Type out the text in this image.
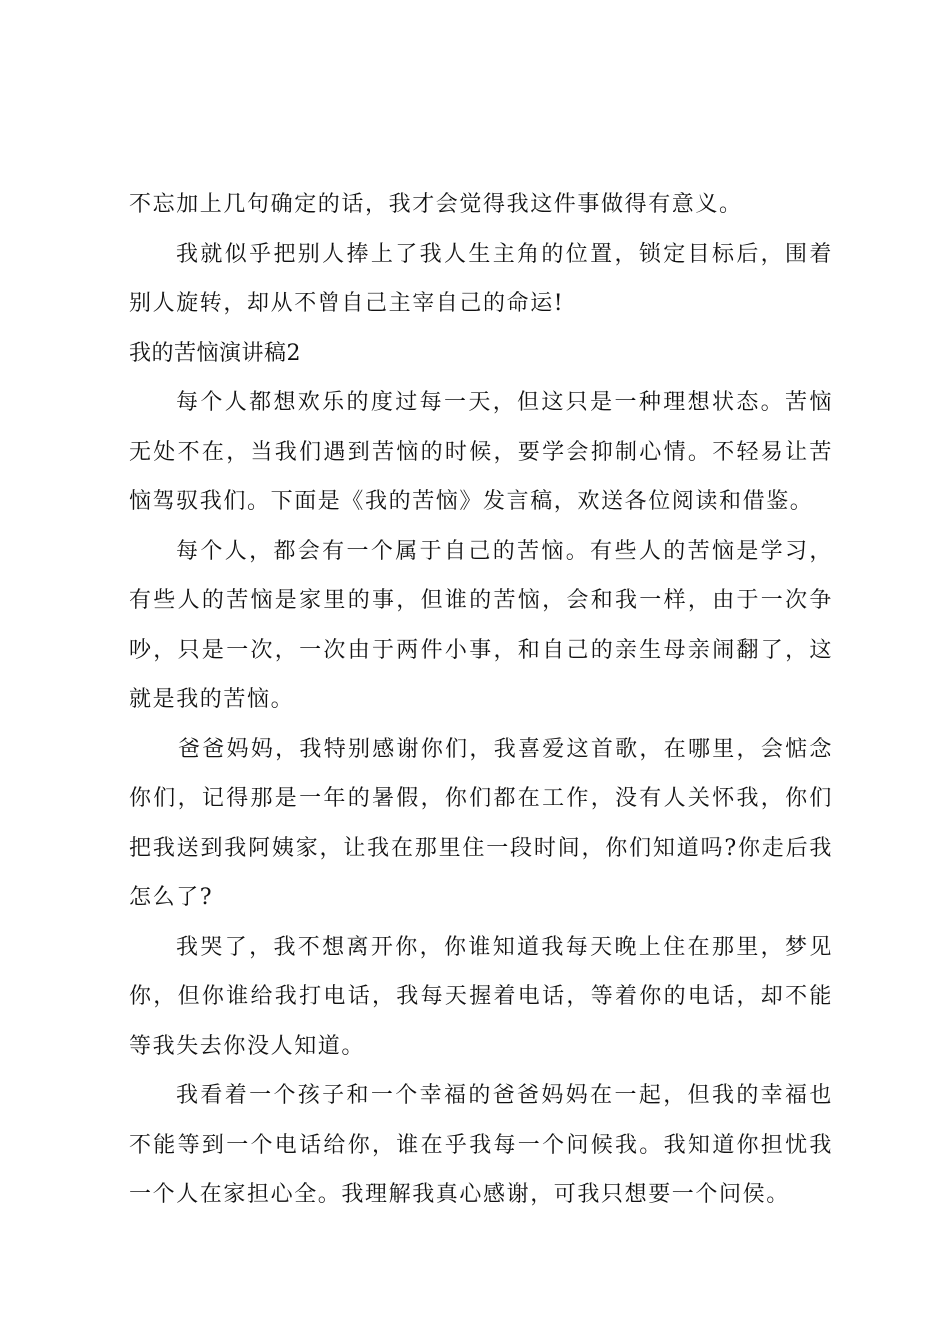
不忘加上几句确定的话，我才会觉得我这件事做得有意义。

我就似乎把别人捧上了我人生主角的位置，锁定目标后，围着别人旋转，却从不曾自己主宰自己的命运!

我的苦恼演讲稿2

每个人都想欢乐的度过每一天，但这只是一种理想状态。苦恼无处不在，当我们遇到苦恼的时候，要学会抑制心情。不轻易让苦恼驾驭我们。下面是《我的苦恼》发言稿，欢送各位阅读和借鉴。

每个人，都会有一个属于自己的苦恼。有些人的苦恼是学习，有些人的苦恼是家里的事，但谁的苦恼，会和我一样，由于一次争吵，只是一次，一次由于两件小事，和自己的亲生母亲闹翻了，这就是我的苦恼。

爸爸妈妈，我特别感谢你们，我喜爱这首歌，在哪里，会惦念你们，记得那是一年的暑假，你们都在工作，没有人关怀我，你们把我送到我阿姨家，让我在那里住一段时间，你们知道吗?你走后我怎么了?

我哭了，我不想离开你，你谁知道我每天晚上住在那里，梦见你，但你谁给我打电话，我每天握着电话，等着你的电话，却不能等我失去你没人知道。

我看着一个孩子和一个幸福的爸爸妈妈在一起，但我的幸福也不能等到一个电话给你，谁在乎我每一个问候我。我知道你担忧我一个人在家担心全。我理解我真心感谢，可我只想要一个问侯。
